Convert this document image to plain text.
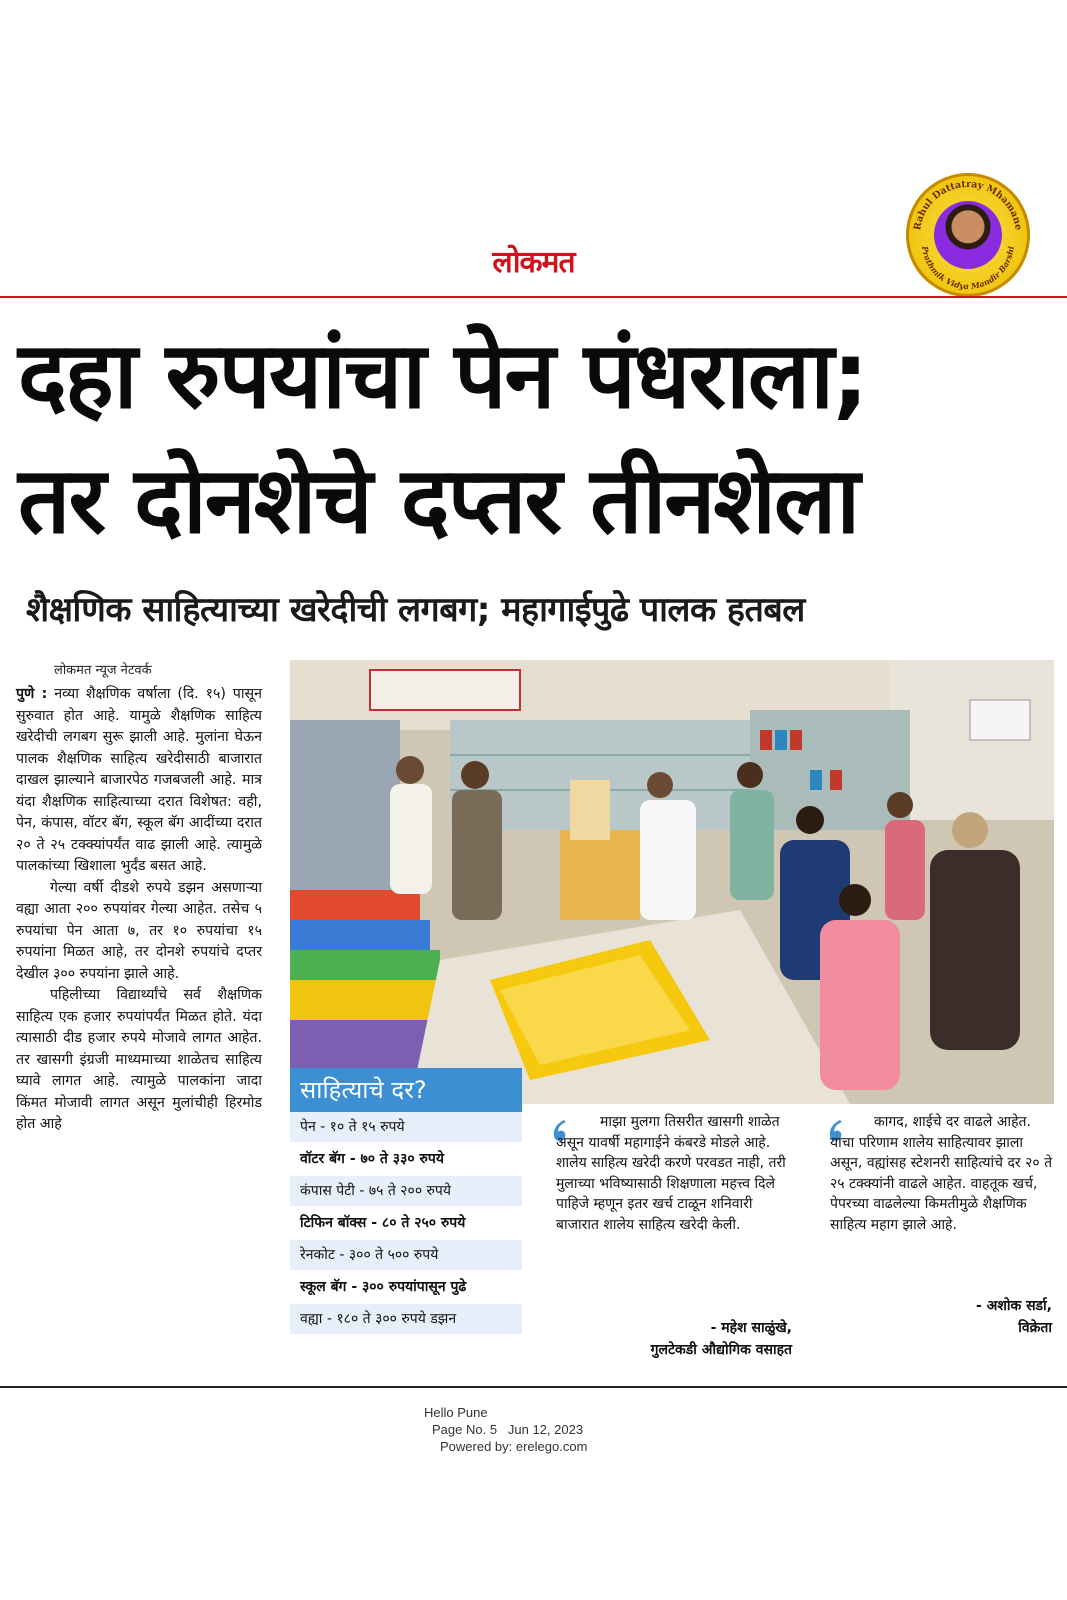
Rahul Dattatray Mhamane
Prathmik Vidya Mandir Barshi
लोकमत
दहा रुपयांचा पेन पंधराला;
तर दोनशेचे दप्तर तीनशेला
शैक्षणिक साहित्याच्या खरेदीची लगबग; महागाईपुढे पालक हतबल
लोकमत न्यूज नेटवर्क

पुणे : नव्या शैक्षणिक वर्षाला (दि. १५) पासून सुरुवात होत आहे. यामुळे शैक्षणिक साहित्य खरेदीची लगबग सुरू झाली आहे. मुलांना घेऊन पालक शैक्षणिक साहित्य खरेदीसाठी बाजारात दाखल झाल्याने बाजारपेठ गजबजली आहे. मात्र यंदा शैक्षणिक साहित्याच्या दरात विशेषत: वही, पेन, कंपास, वॉटर बॅग, स्कूल बॅग आदींच्या दरात २० ते २५ टक्क्यांपर्यंत वाढ झाली आहे. त्यामुळे पालकांच्या खिशाला भुर्दंड बसत आहे.

गेल्या वर्षी दीडशे रुपये डझन असणाऱ्या वह्या आता २०० रुपयांवर गेल्या आहेत. तसेच ५ रुपयांचा पेन आता ७, तर १० रुपयांचा १५ रुपयांना मिळत आहे, तर दोनशे रुपयांचे दप्तर देखील ३०० रुपयांना झाले आहे.

पहिलीच्या विद्यार्थ्यांचे सर्व शैक्षणिक साहित्य एक हजार रुपयांपर्यंत मिळत होते. यंदा त्यासाठी दीड हजार रुपये मोजावे लागत आहेत. तर खासगी इंग्रजी माध्यमाच्या शाळेतच साहित्य घ्यावे लागत आहे. त्यामुळे पालकांना जादा किंमत मोजावी लागत असून मुलांचीही हिरमोड होत आहे

साहित्याचे दर?
पेन - १० ते १५ रुपये
वॉटर बॅग - ७० ते ३३० रुपये
कंपास पेटी - ७५ ते २०० रुपये
टिफिन बॉक्स - ८० ते २५० रुपये
रेनकोट - ३०० ते ५०० रुपये
स्कूल बॅग - ३०० रुपयांपासून पुढे
वह्या - १८० ते ३०० रुपये डझन
माझा मुलगा तिसरीत खासगी शाळेत असून यावर्षी महागाईने कंबरडे मोडले आहे. शालेय साहित्य खरेदी करणे परवडत नाही, तरी मुलाच्या भविष्यासाठी शिक्षणाला महत्त्व दिले पाहिजे म्हणून इतर खर्च टाळून शनिवारी बाजारात शालेय साहित्य खरेदी केली.
- महेश साळुंखे,
गुलटेकडी औद्योगिक वसाहत
कागद, शाईचे दर वाढले आहेत. याचा परिणाम शालेय साहित्यावर झाला असून, वह्यांसह स्टेशनरी साहित्यांचे दर २० ते २५ टक्क्यांनी वाढले आहेत. वाहतूक खर्च, पेपरच्या वाढलेल्या किमतीमुळे शैक्षणिक साहित्य महाग झाले आहे.
- अशोक सर्डा,
विक्रेता
Hello Pune
Page No. 5   Jun 12, 2023
Powered by: erelego.com
